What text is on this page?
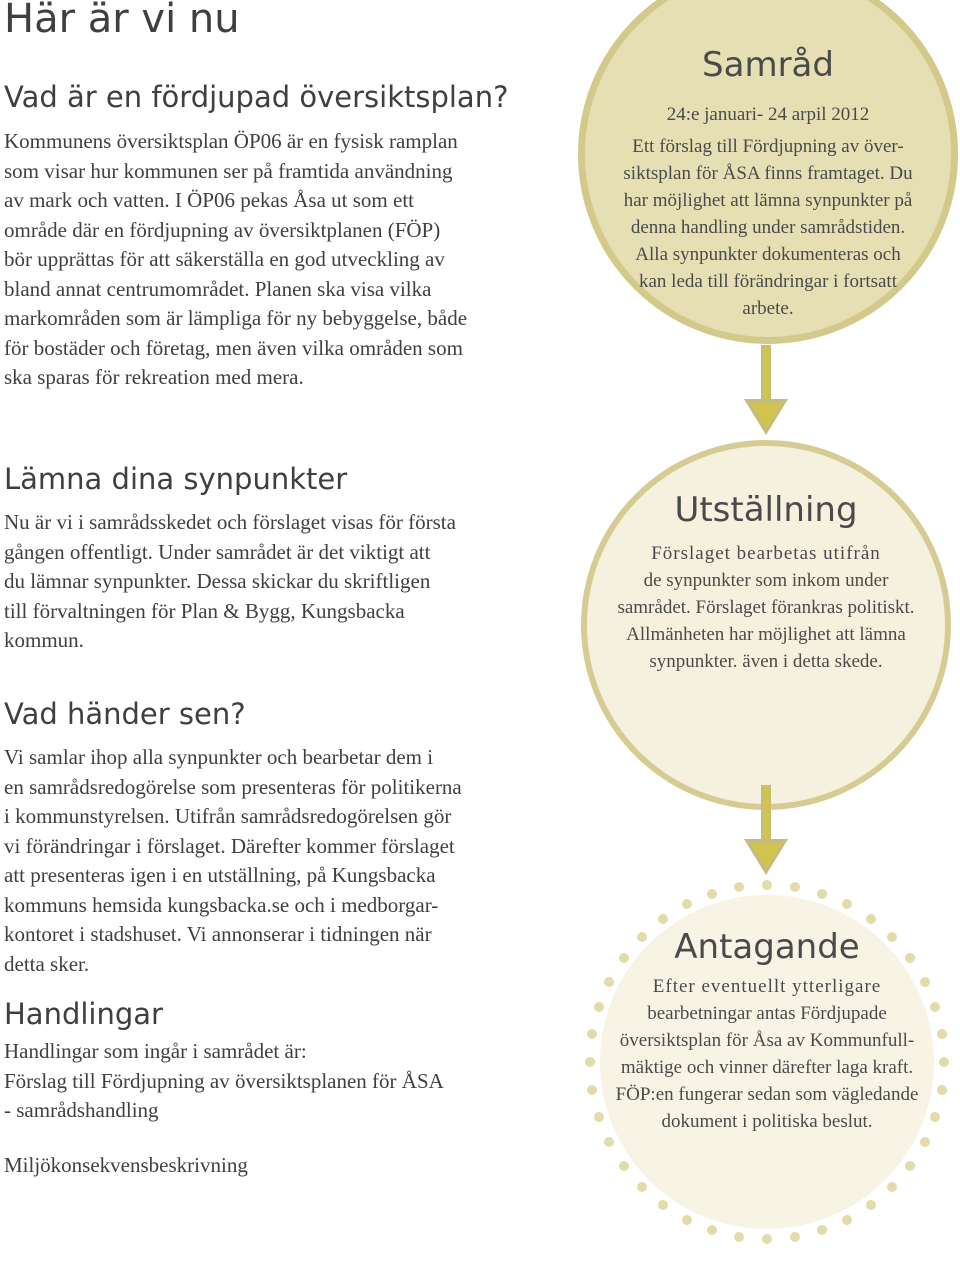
Här är vi nu
Vad är en fördjupad översiktsplan?
Kommunens översiktsplan ÖP06 är en fysisk ramplan
som visar hur kommunen ser på framtida användning
av mark och vatten. I ÖP06 pekas Åsa ut som ett
område där en fördjupning av översiktplanen (FÖP)
bör upprättas för att säkerställa en god utveckling av
bland annat centrumområdet. Planen ska visa vilka
markområden som är lämpliga för ny bebyggelse, både
för bostäder och företag, men även vilka områden som
ska sparas för rekreation med mera.
Lämna dina synpunkter
Nu är vi i samrådsskedet och förslaget visas för första
gången offentligt. Under samrådet är det viktigt att
du lämnar synpunkter. Dessa skickar du skriftligen
till förvaltningen för Plan & Bygg, Kungsbacka
kommun.
Vad händer sen?
Vi samlar ihop alla synpunkter och bearbetar dem i
en samrådsredogörelse som presenteras för politikerna
i kommunstyrelsen. Utifrån samrådsredogörelsen gör
vi förändringar i förslaget. Därefter kommer förslaget
att presenteras igen i en utställning, på Kungsbacka
kommuns hemsida kungsbacka.se och i medborgar-
kontoret i stadshuset. Vi annonserar i tidningen när
detta sker.
Handlingar
Handlingar som ingår i samrådet är:
Förslag till Fördjupning av översiktsplanen för ÅSA
- samrådshandling
Miljökonsekvensbeskrivning
Samråd
24:e januari- 24 arpil 2012
Ett förslag till Fördjupning av över-
siktsplan för ÅSA finns framtaget. Du
har möjlighet att lämna synpunkter på
denna handling under samrådstiden.
Alla synpunkter dokumenteras och
kan leda till förändringar i fortsatt
arbete.
Utställning
Förslaget bearbetas utifrån
de synpunkter som inkom under
samrådet. Förslaget förankras politiskt.
Allmänheten har möjlighet att lämna
synpunkter. även i detta skede.
Antagande
Efter eventuellt ytterligare
bearbetningar antas Fördjupade
översiktsplan för Åsa av Kommunfull-
mäktige och vinner därefter laga kraft.
FÖP:en fungerar sedan som vägledande
dokument i politiska beslut.
